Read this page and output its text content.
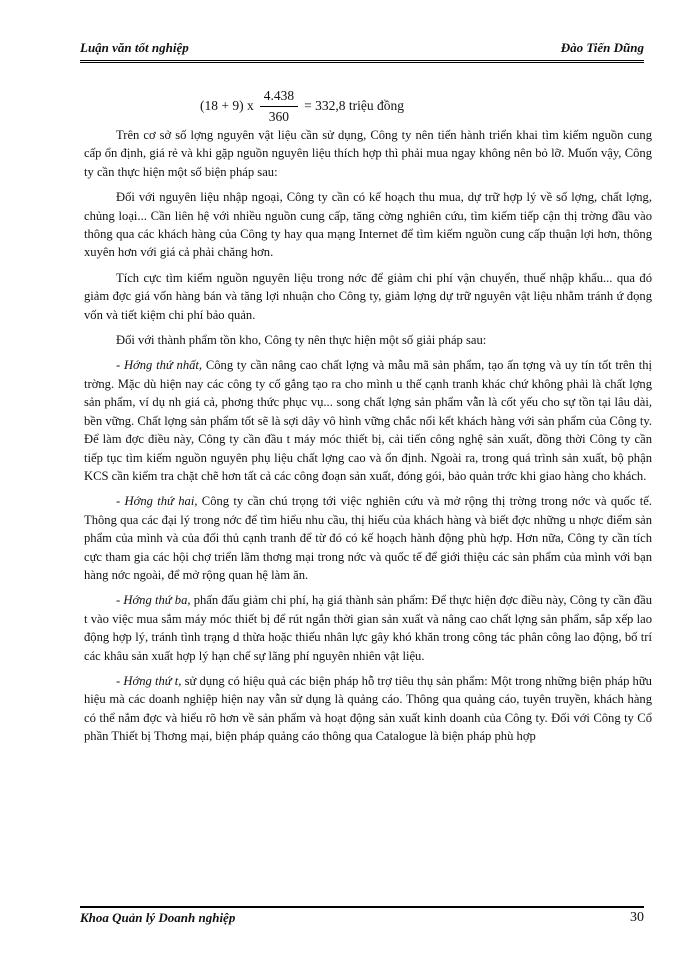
Luận văn tốt nghiệp	Đào Tiến Dũng
(18 + 9) x $\frac{4.438}{360} = 332,8$ triệu đồng

Trên cơ sở số lợng nguyên vật liệu cần sử dụng, Công ty nên tiến hành triển khai tìm kiếm nguồn cung cấp ổn định, giá rẻ và khi gặp nguồn nguyên liệu thích hợp thì phải mua ngay không nên bỏ lỡ. Muốn vậy, Công ty cần thực hiện một số biện pháp sau:

Đối với nguyên liệu nhập ngoại, Công ty cần có kế hoạch thu mua, dự trữ hợp lý về số lợng, chất lợng, chủng loại... Cần liên hệ với nhiều nguồn cung cấp, tăng cờng nghiên cứu, tìm kiếm tiếp cận thị trờng đầu vào thông qua các khách hàng của Công ty hay qua mạng Internet để tìm kiếm nguồn cung cấp thuận lợi hơn, thông xuyên hơn với giá cả phải chăng hơn.

Tích cực tìm kiếm nguồn nguyên liệu trong nớc để giảm chi phí vận chuyển, thuế nhập khẩu... qua đó giảm đợc giá vốn hàng bán và tăng lợi nhuận cho Công ty, giảm lợng dự trữ nguyên vật liệu nhằm tránh ứ đọng vốn và tiết kiệm chi phí bảo quản.

Đối với thành phẩm tồn kho, Công ty nên thực hiện một số giải pháp sau:

- Hớng thứ nhất, Công ty cần nâng cao chất lợng và mẫu mã sản phẩm, tạo ấn tợng và uy tín tốt trên thị trờng. Mặc dù hiện nay các công ty cố gắng tạo ra cho mình u thế cạnh tranh khác chứ không phải là chất lợng sản phẩm, ví dụ nh giá cả, phơng thức phục vụ... song chất lợng sản phẩm vẫn là cốt yếu cho sự tồn tại lâu dài, bền vững. Chất lợng sản phẩm tốt sẽ là sợi dây vô hình vững chắc nối kết khách hàng với sản phẩm của Công ty. Để làm đợc điều này, Công ty cần đầu t máy móc thiết bị, cải tiến công nghệ sản xuất, đồng thời Công ty cần tiếp tục tìm kiếm nguồn nguyên phụ liệu chất lợng cao và ổn định. Ngoài ra, trong quá trình sản xuất, bộ phận KCS cần kiểm tra chặt chẽ hơn tất cả các công đoạn sản xuất, đóng gói, bảo quản trớc khi giao hàng cho khách.

- Hớng thứ hai, Công ty cần chú trọng tới việc nghiên cứu và mở rộng thị trờng trong nớc và quốc tế. Thông qua các đại lý trong nớc để tìm hiểu nhu cầu, thị hiếu của khách hàng và biết đợc những u nhợc điểm sản phẩm của mình và của đối thủ cạnh tranh để từ đó có kế hoạch hành động phù hợp. Hơn nữa, Công ty cần tích cực tham gia các hội chợ triển lãm thơng mại trong nớc và quốc tế để giới thiệu các sản phẩm của mình với bạn hàng nớc ngoài, để mở rộng quan hệ làm ăn.

- Hớng thứ ba, phấn đấu giảm chi phí, hạ giá thành sản phẩm: Để thực hiện đợc điều này, Công ty cần đầu t vào việc mua sắm máy móc thiết bị để rút ngắn thời gian sản xuất và nâng cao chất lợng sản phẩm, sắp xếp lao động hợp lý, tránh tình trạng d thừa hoặc thiếu nhân lực gây khó khăn trong công tác phân công lao động, bố trí các khâu sản xuất hợp lý hạn chế sự lãng phí nguyên nhiên vật liệu.

- Hớng thứ t, sử dụng có hiệu quả các biện pháp hỗ trợ tiêu thụ sản phẩm: Một trong những biện pháp hữu hiệu mà các doanh nghiệp hiện nay vẫn sử dụng là quảng cáo. Thông qua quảng cáo, tuyên truyền, khách hàng có thể nắm đợc và hiểu rõ hơn về sản phẩm và hoạt động sản xuất kinh doanh của Công ty. Đối với Công ty Cổ phần Thiết bị Thơng mại, biện pháp quảng cáo thông qua Catalogue là biện pháp phù hợp

Khoa Quản lý Doanh nghiệp	30
